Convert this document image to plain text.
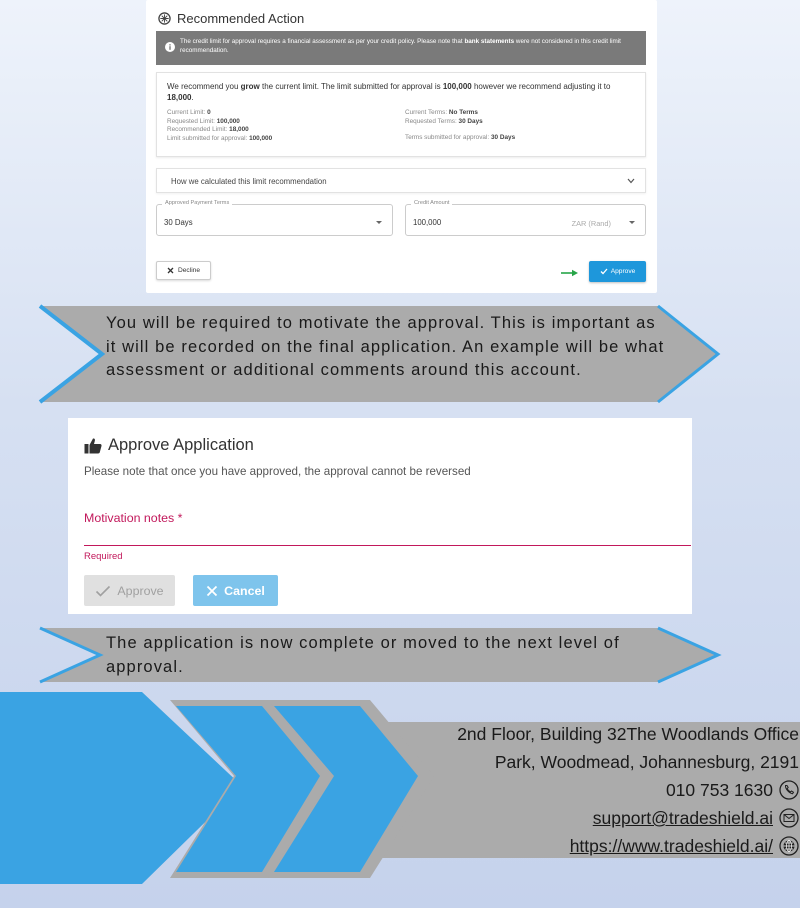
Recommended Action
The credit limit for approval requires a financial assessment as per your credit policy. Please note that bank statements were not considered in this credit limit recommendation.
We recommend you grow the current limit. The limit submitted for approval is 100,000 however we recommend adjusting it to 18,000.
Current Limit: 0
Requested Limit: 100,000
Recommended Limit: 18,000
Limit submitted for approval: 100,000
Current Terms: No Terms
Requested Terms: 30 Days
Terms submitted for approval: 30 Days
How we calculated this limit recommendation
Approved Payment Terms
30 Days
Credit Amount
100,000	ZAR (Rand)
Decline	Approve
You will be required to motivate the approval. This is important as it will be recorded on the final application. An example will be what assessment or additional comments around this account.
Approve Application
Please note that once you have approved, the approval cannot be reversed
Motivation notes *
Required
Approve	Cancel
The application is now complete or moved to the next level of approval.
2nd Floor, Building 32The Woodlands Office
Park, Woodmead, Johannesburg, 2191
010 753 1630
support@tradeshield.ai
https://www.tradeshield.ai/
